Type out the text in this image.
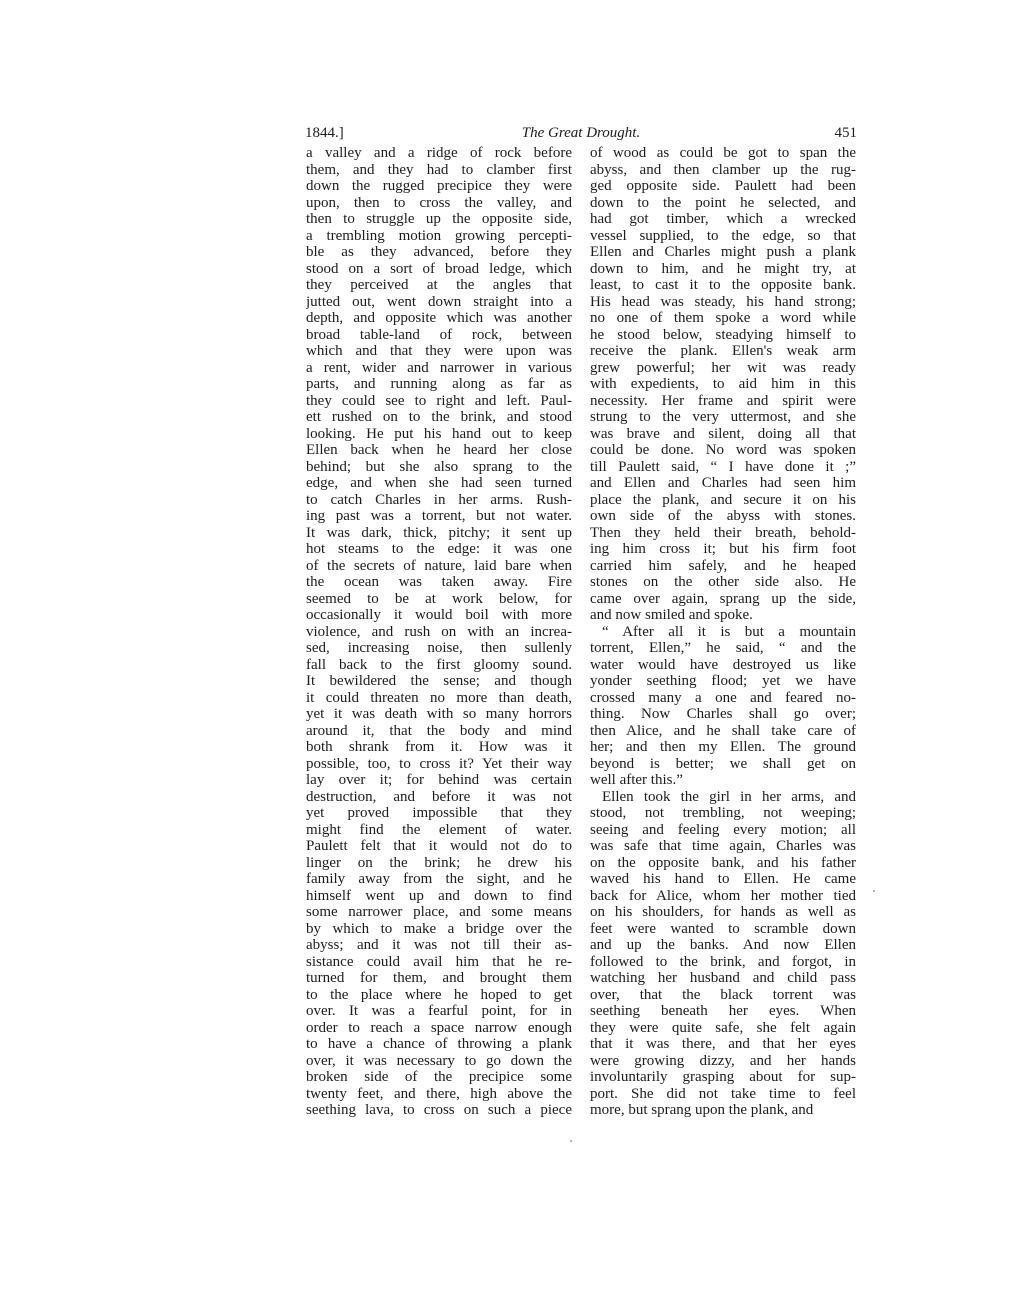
1844.]	The Great Drought.	451
a valley and a ridge of rock before
them, and they had to clamber first
down the rugged precipice they were
upon, then to cross the valley, and
then to struggle up the opposite side,
a trembling motion growing percepti-
ble as they advanced, before they
stood on a sort of broad ledge, which
they perceived at the angles that
jutted out, went down straight into a
depth, and opposite which was another
broad table-land of rock, between
which and that they were upon was
a rent, wider and narrower in various
parts, and running along as far as
they could see to right and left. Paul-
ett rushed on to the brink, and stood
looking. He put his hand out to keep
Ellen back when he heard her close
behind; but she also sprang to the
edge, and when she had seen turned
to catch Charles in her arms. Rush-
ing past was a torrent, but not water.
It was dark, thick, pitchy; it sent up
hot steams to the edge: it was one
of the secrets of nature, laid bare when
the ocean was taken away. Fire
seemed to be at work below, for
occasionally it would boil with more
violence, and rush on with an increa-
sed, increasing noise, then sullenly
fall back to the first gloomy sound.
It bewildered the sense; and though
it could threaten no more than death,
yet it was death with so many horrors
around it, that the body and mind
both shrank from it. How was it
possible, too, to cross it? Yet their way
lay over it; for behind was certain
destruction, and before it was not
yet proved impossible that they
might find the element of water.
Paulett felt that it would not do to
linger on the brink; he drew his
family away from the sight, and he
himself went up and down to find
some narrower place, and some means
by which to make a bridge over the
abyss; and it was not till their as-
sistance could avail him that he re-
turned for them, and brought them
to the place where he hoped to get
over. It was a fearful point, for in
order to reach a space narrow enough
to have a chance of throwing a plank
over, it was necessary to go down the
broken side of the precipice some
twenty feet, and there, high above the
seething lava, to cross on such a piece
of wood as could be got to span the
abyss, and then clamber up the rug-
ged opposite side. Paulett had been
down to the point he selected, and
had got timber, which a wrecked
vessel supplied, to the edge, so that
Ellen and Charles might push a plank
down to him, and he might try, at
least, to cast it to the opposite bank.
His head was steady, his hand strong;
no one of them spoke a word while
he stood below, steadying himself to
receive the plank. Ellen's weak arm
grew powerful; her wit was ready
with expedients, to aid him in this
necessity. Her frame and spirit were
strung to the very uttermost, and she
was brave and silent, doing all that
could be done. No word was spoken
till Paulett said, “ I have done it ;”
and Ellen and Charles had seen him
place the plank, and secure it on his
own side of the abyss with stones.
Then they held their breath, behold-
ing him cross it; but his firm foot
carried him safely, and he heaped
stones on the other side also. He
came over again, sprang up the side,
and now smiled and spoke.
“ After all it is but a mountain
torrent, Ellen,” he said, “ and the
water would have destroyed us like
yonder seething flood; yet we have
crossed many a one and feared no-
thing. Now Charles shall go over;
then Alice, and he shall take care of
her; and then my Ellen. The ground
beyond is better; we shall get on
well after this.”
Ellen took the girl in her arms, and
stood, not trembling, not weeping;
seeing and feeling every motion; all
was safe that time again, Charles was
on the opposite bank, and his father
waved his hand to Ellen. He came
back for Alice, whom her mother tied
on his shoulders, for hands as well as
feet were wanted to scramble down
and up the banks. And now Ellen
followed to the brink, and forgot, in
watching her husband and child pass
over, that the black torrent was
seething beneath her eyes. When
they were quite safe, she felt again
that it was there, and that her eyes
were growing dizzy, and her hands
involuntarily grasping about for sup-
port. She did not take time to feel
more, but sprang upon the plank, and
